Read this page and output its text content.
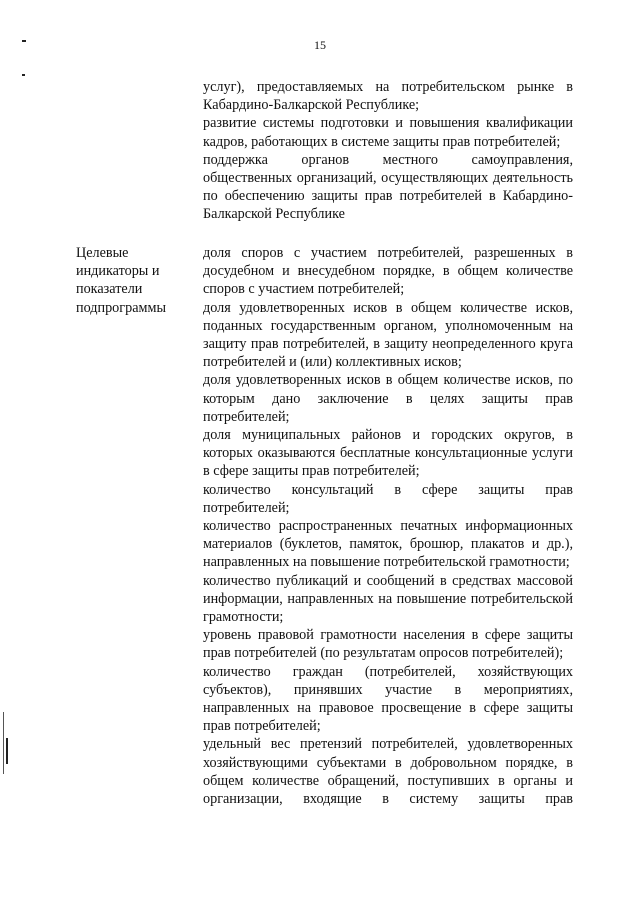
15

услуг), предоставляемых на потребительском рынке в Кабардино-Балкарской Республике;

развитие системы подготовки и повышения квалификации кадров, работающих в системе защиты прав потребителей;

поддержка органов местного самоуправления, общественных организаций, осуществляющих деятельность по обеспечению защиты прав потребителей в Кабардино-Балкарской Республике

Целевые индикаторы и показатели подпрограммы

доля споров с участием потребителей, разрешенных в досудебном и внесудебном порядке, в общем количестве споров с участием потребителей;

доля удовлетворенных исков в общем количестве исков, поданных государственным органом, уполномоченным на защиту прав потребителей, в защиту неопределенного круга потребителей и (или) коллективных исков;

доля удовлетворенных исков в общем количестве исков, по которым дано заключение в целях защиты прав потребителей;

доля муниципальных районов и городских округов, в которых оказываются бесплатные консультационные услуги в сфере защиты прав потребителей;

количество консультаций в сфере защиты прав потребителей;

количество распространенных печатных информационных материалов (буклетов, памяток, брошюр, плакатов и др.), направленных на повышение потребительской грамотности;

количество публикаций и сообщений в средствах массовой информации, направленных на повышение потребительской грамотности;

уровень правовой грамотности населения в сфере защиты прав потребителей (по результатам опросов потребителей);

количество граждан (потребителей, хозяйствующих субъектов), принявших участие в мероприятиях, направленных на правовое просвещение в сфере защиты прав потребителей;

удельный вес претензий потребителей, удовлетворенных хозяйствующими субъектами в добровольном порядке, в общем количестве обращений, поступивших в органы и организации, входящие в систему защиты прав
